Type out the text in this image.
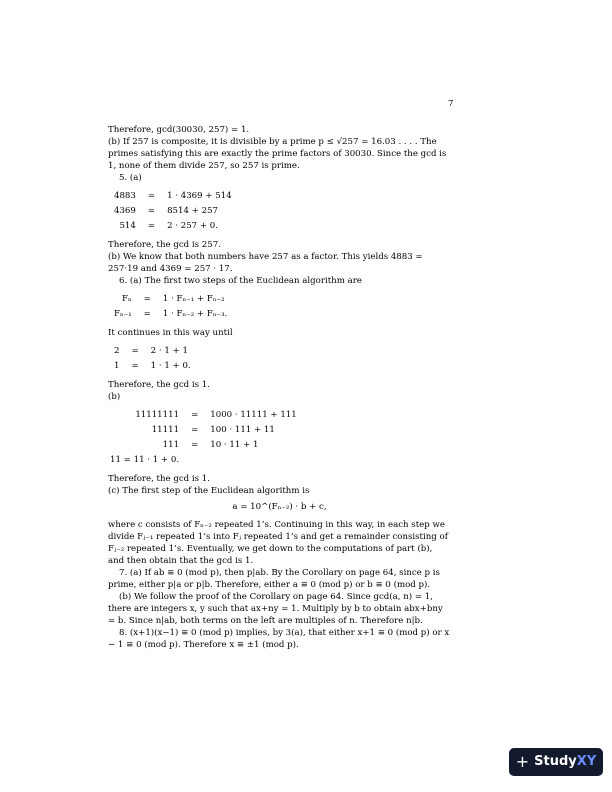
7

Therefore, gcd(30030, 257) = 1.

(b) If 257 is composite, it is divisible by a prime p ≤ √257 = 16.03 . . . . The primes satisfying this are exactly the prime factors of 30030. Since the gcd is 1, none of them divide 257, so 257 is prime.

5. (a)

4883	=	1 · 4369 + 514
4369	=	8514 + 257
514	=	2 · 257 + 0.

Therefore, the gcd is 257.

(b) We know that both numbers have 257 as a factor. This yields 4883 = 257·19 and 4369 = 257 · 17.

6. (a) The first two steps of the Euclidean algorithm are

Fₙ	=	1 · Fₙ₋₁ + Fₙ₋₂
Fₙ₋₁	=	1 · Fₙ₋₂ + Fₙ₋₃.

It continues in this way until

2	=	2 · 1 + 1
1	=	1 · 1 + 0.

Therefore, the gcd is 1.

(b)

11111111	=	1000 · 11111 + 111
11111	=	100 · 111 + 11
111	=	10 · 11 + 1
11 = 11 · 1 + 0.		

Therefore, the gcd is 1.

(c) The first step of the Euclidean algorithm is

a = 10^(Fₙ₋₂) · b + c,

where c consists of Fₙ₋₂ repeated 1’s. Continuing in this way, in each step we divide Fⱼ₋₁ repeated 1’s into Fⱼ repeated 1’s and get a remainder consisting of Fⱼ₋₂ repeated 1’s. Eventually, we get down to the computations of part (b), and then obtain that the gcd is 1.

7. (a) If ab ≡ 0 (mod p), then p|ab. By the Corollary on page 64, since p is prime, either p|a or p|b. Therefore, either a ≡ 0 (mod p) or b ≡ 0 (mod p).

(b) We follow the proof of the Corollary on page 64. Since gcd(a, n) = 1, there are integers x, y such that ax+ny = 1. Multiply by b to obtain abx+bny = b. Since n|ab, both terms on the left are multiples of n. Therefore n|b.

8. (x+1)(x−1) ≡ 0 (mod p) implies, by 3(a), that either x+1 ≡ 0 (mod p) or x − 1 ≡ 0 (mod p). Therefore x ≡ ±1 (mod p).

+ Study XY
